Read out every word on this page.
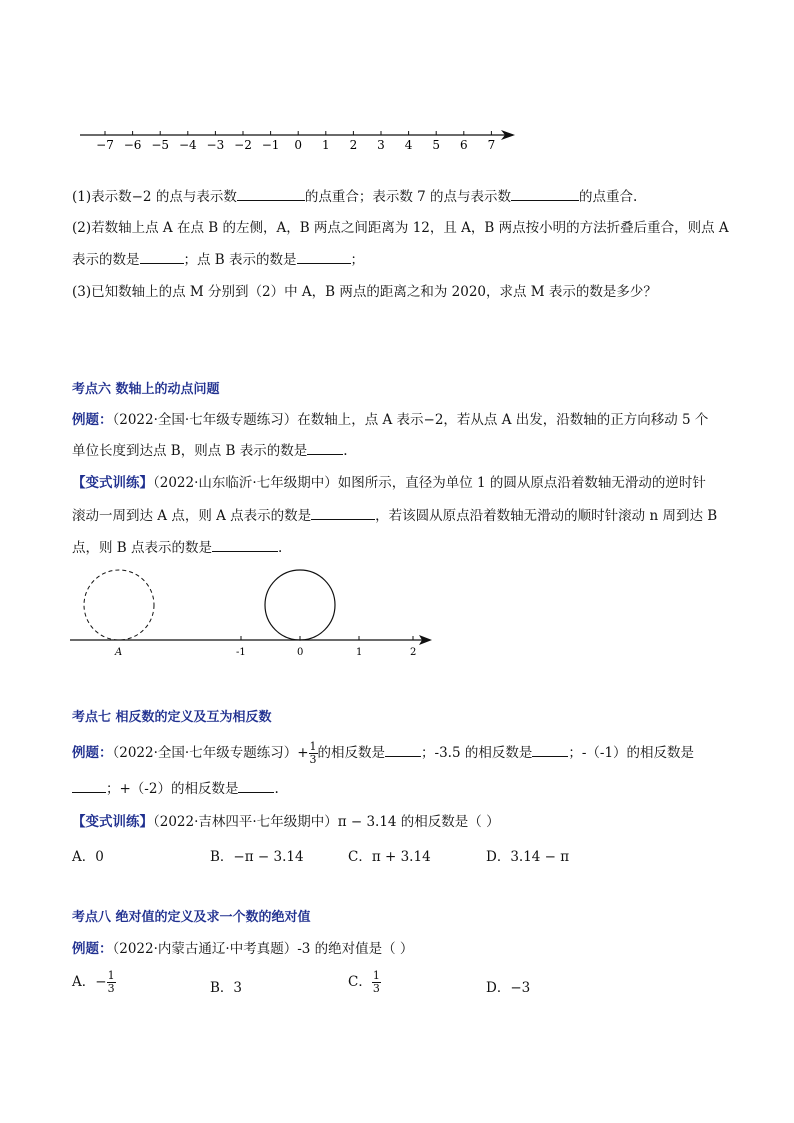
−7 −6 −5 −4 −3 −2 −1 0 1 2 3 4 5 6 7
(1)表示数−2 的点与表示数	的点重合；表示数 7 的点与表示数	的点重合.
(2)若数轴上点 A 在点 B 的左侧，A，B 两点之间距离为 12，且 A，B 两点按小明的方法折叠后重合，则点 A
表示的数是	；点 B 表示的数是	；
(3)已知数轴上的点 M 分别到（2）中 A，B 两点的距离之和为 2020，求点 M 表示的数是多少？
考点六 数轴上的动点问题
例题：（2022·全国·七年级专题练习）在数轴上，点 A 表示−2，若从点 A 出发，沿数轴的正方向移动 5 个
单位长度到达点 B，则点 B 表示的数是	.
【变式训练】（2022·山东临沂·七年级期中）如图所示，直径为单位 1 的圆从原点沿着数轴无滑动的逆时针
滚动一周到达 A 点，则 A 点表示的数是	，若该圆从原点沿着数轴无滑动的顺时针滚动 n 周到达 B
点，则 B 点表示的数是	.
A	-1	0	1	2
考点七 相反数的定义及互为相反数
例题：（2022·全国·七年级专题练习）+ $\frac{1}{3}$ 的相反数是	；-3.5 的相反数是	；-（-1）的相反数是
；+（-2）的相反数是	.
【变式训练】（2022·吉林四平·七年级期中）π − 3.14 的相反数是（ ）
A．0	B．−π − 3.14	C．π + 3.14	D．3.14 − π
考点八 绝对值的定义及求一个数的绝对值
例题：（2022·内蒙古通辽·中考真题）-3 的绝对值是（ ）
A．− $\frac{1}{3}$	B．3	C． $\frac{1}{3}$	D．−3
